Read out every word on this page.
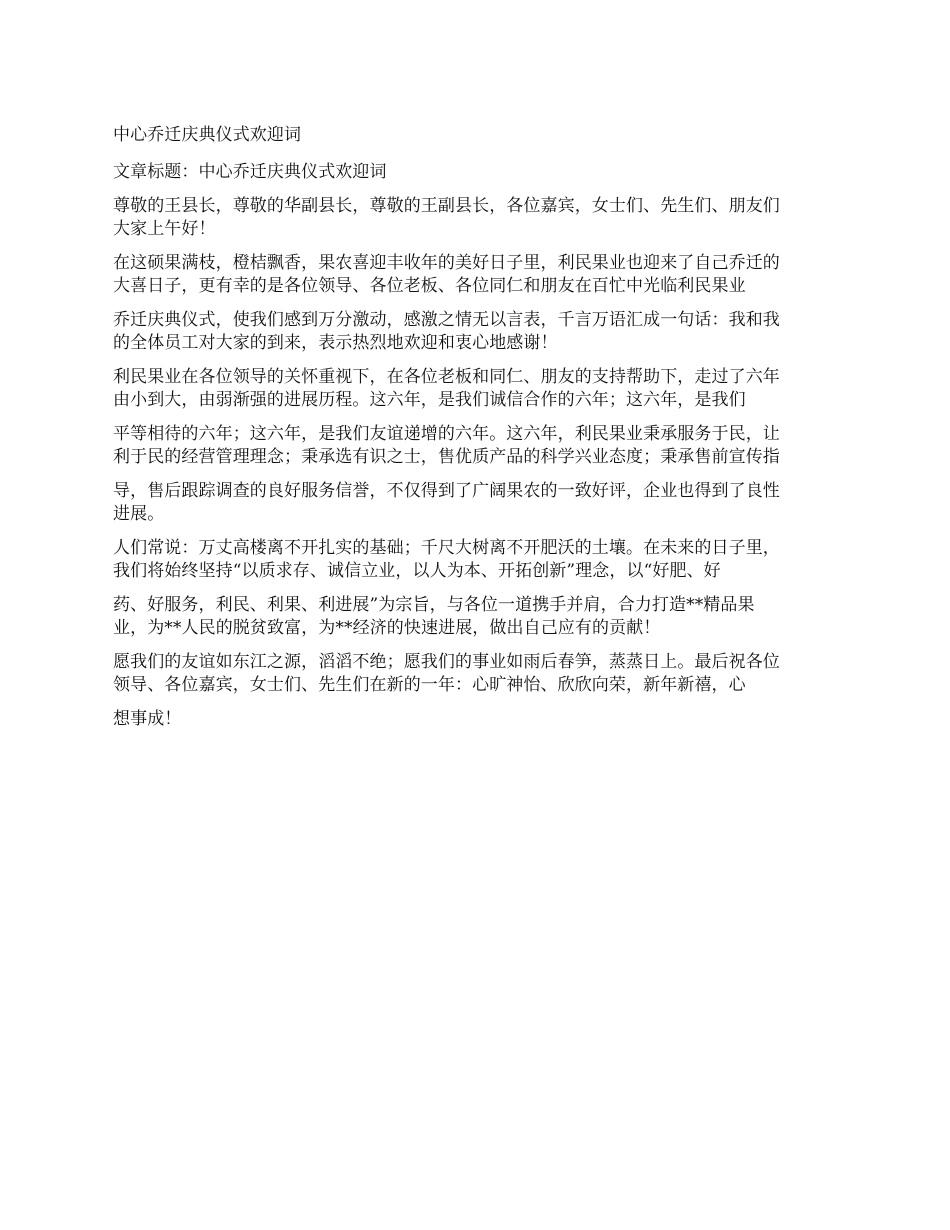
中心乔迁庆典仪式欢迎词

文章标题：中心乔迁庆典仪式欢迎词

尊敬的王县长，尊敬的华副县长，尊敬的王副县长，各位嘉宾，女士们、先生们、朋友们
大家上午好！

在这硕果满枝，橙桔飘香，果农喜迎丰收年的美好日子里，利民果业也迎来了自己乔迁的
大喜日子，更有幸的是各位领导、各位老板、各位同仁和朋友在百忙中光临利民果业

乔迁庆典仪式，使我们感到万分激动，感激之情无以言表，千言万语汇成一句话：我和我
的全体员工对大家的到来，表示热烈地欢迎和衷心地感谢！

利民果业在各位领导的关怀重视下，在各位老板和同仁、朋友的支持帮助下，走过了六年
由小到大，由弱渐强的进展历程。这六年，是我们诚信合作的六年；这六年，是我们

平等相待的六年；这六年，是我们友谊递增的六年。这六年，利民果业秉承服务于民，让
利于民的经营管理理念；秉承选有识之士，售优质产品的科学兴业态度；秉承售前宣传指

导，售后跟踪调查的良好服务信誉，不仅得到了广阔果农的一致好评，企业也得到了良性
进展。

人们常说：万丈高楼离不开扎实的基础；千尺大树离不开肥沃的土壤。在未来的日子里，
我们将始终坚持“以质求存、诚信立业，以人为本、开拓创新”理念，以“好肥、好

药、好服务，利民、利果、利进展”为宗旨，与各位一道携手并肩，合力打造**精品果
业，为**人民的脱贫致富，为**经济的快速进展，做出自己应有的贡献！

愿我们的友谊如东江之源，滔滔不绝；愿我们的事业如雨后春笋，蒸蒸日上。最后祝各位
领导、各位嘉宾，女士们、先生们在新的一年：心旷神怡、欣欣向荣，新年新禧，心

想事成！
